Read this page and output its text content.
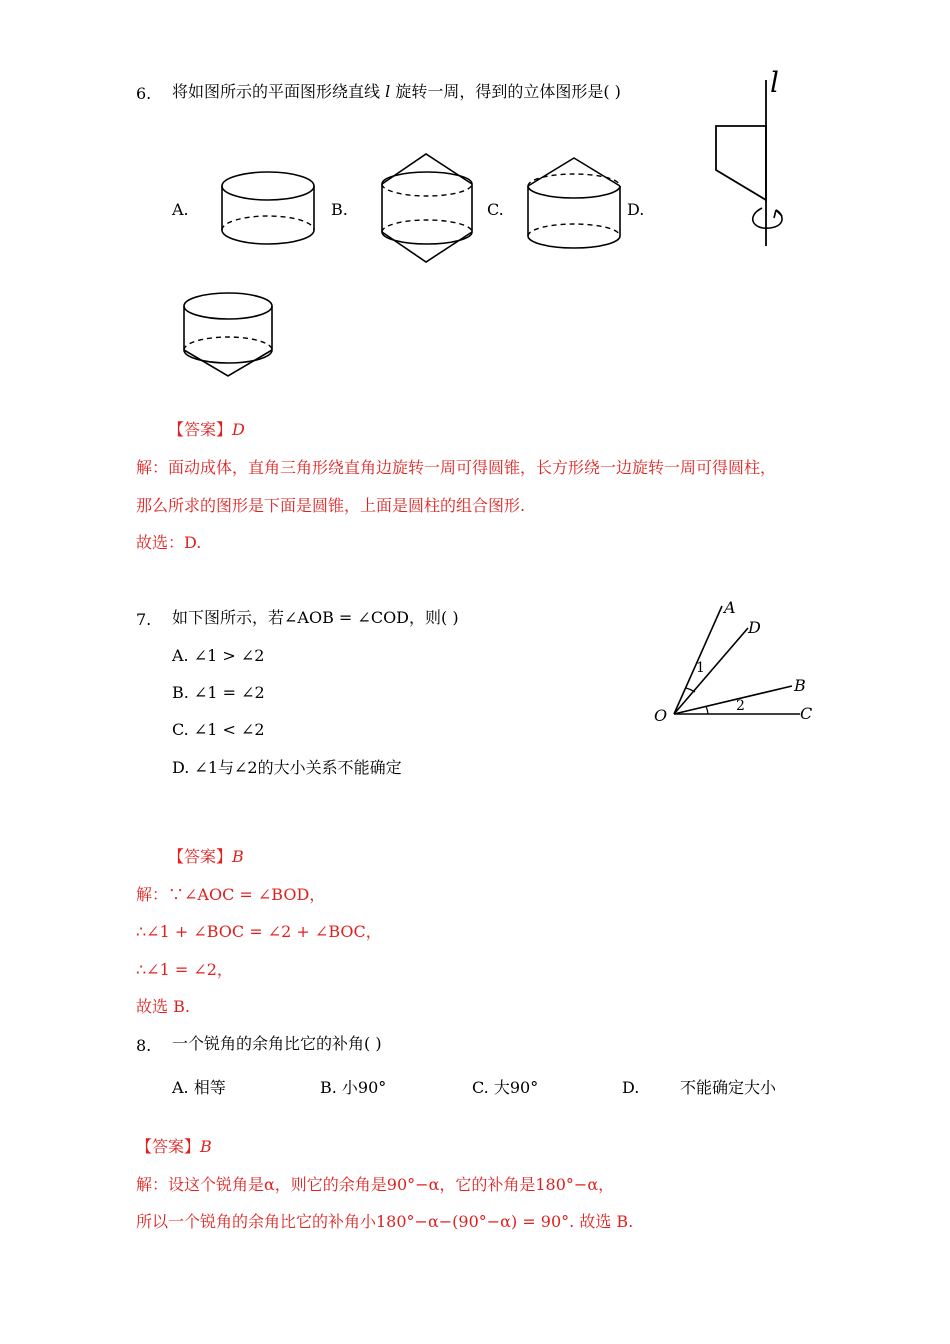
6. 将如图所示的平面图形绕直线 l 旋转一周，得到的立体图形是( )
A.	B.	C.	D.
l
【答案】D
解：面动成体，直角三角形绕直角边旋转一周可得圆锥，长方形绕一边旋转一周可得圆柱，
那么所求的图形是下面是圆锥，上面是圆柱的组合图形.
故选：D.
7. 如下图所示，若∠AOB = ∠COD，则( )
A. ∠1 > ∠2
B. ∠1 = ∠2
C. ∠1 < ∠2
D. ∠1与∠2的大小关系不能确定
A
D
B
C
O
1
2
【答案】B
解：∵∠AOC = ∠BOD，
∴∠1 + ∠BOC = ∠2 + ∠BOC，
∴∠1 = ∠2，
故选 B.
8. 一个锐角的余角比它的补角( )
A. 相等	B. 小90°	C. 大90°	D.	不能确定大小
【答案】B
解：设这个锐角是α，则它的余角是90°−α，它的补角是180°−α，
所以一个锐角的余角比它的补角小180°−α−(90°−α) = 90°. 故选 B.
